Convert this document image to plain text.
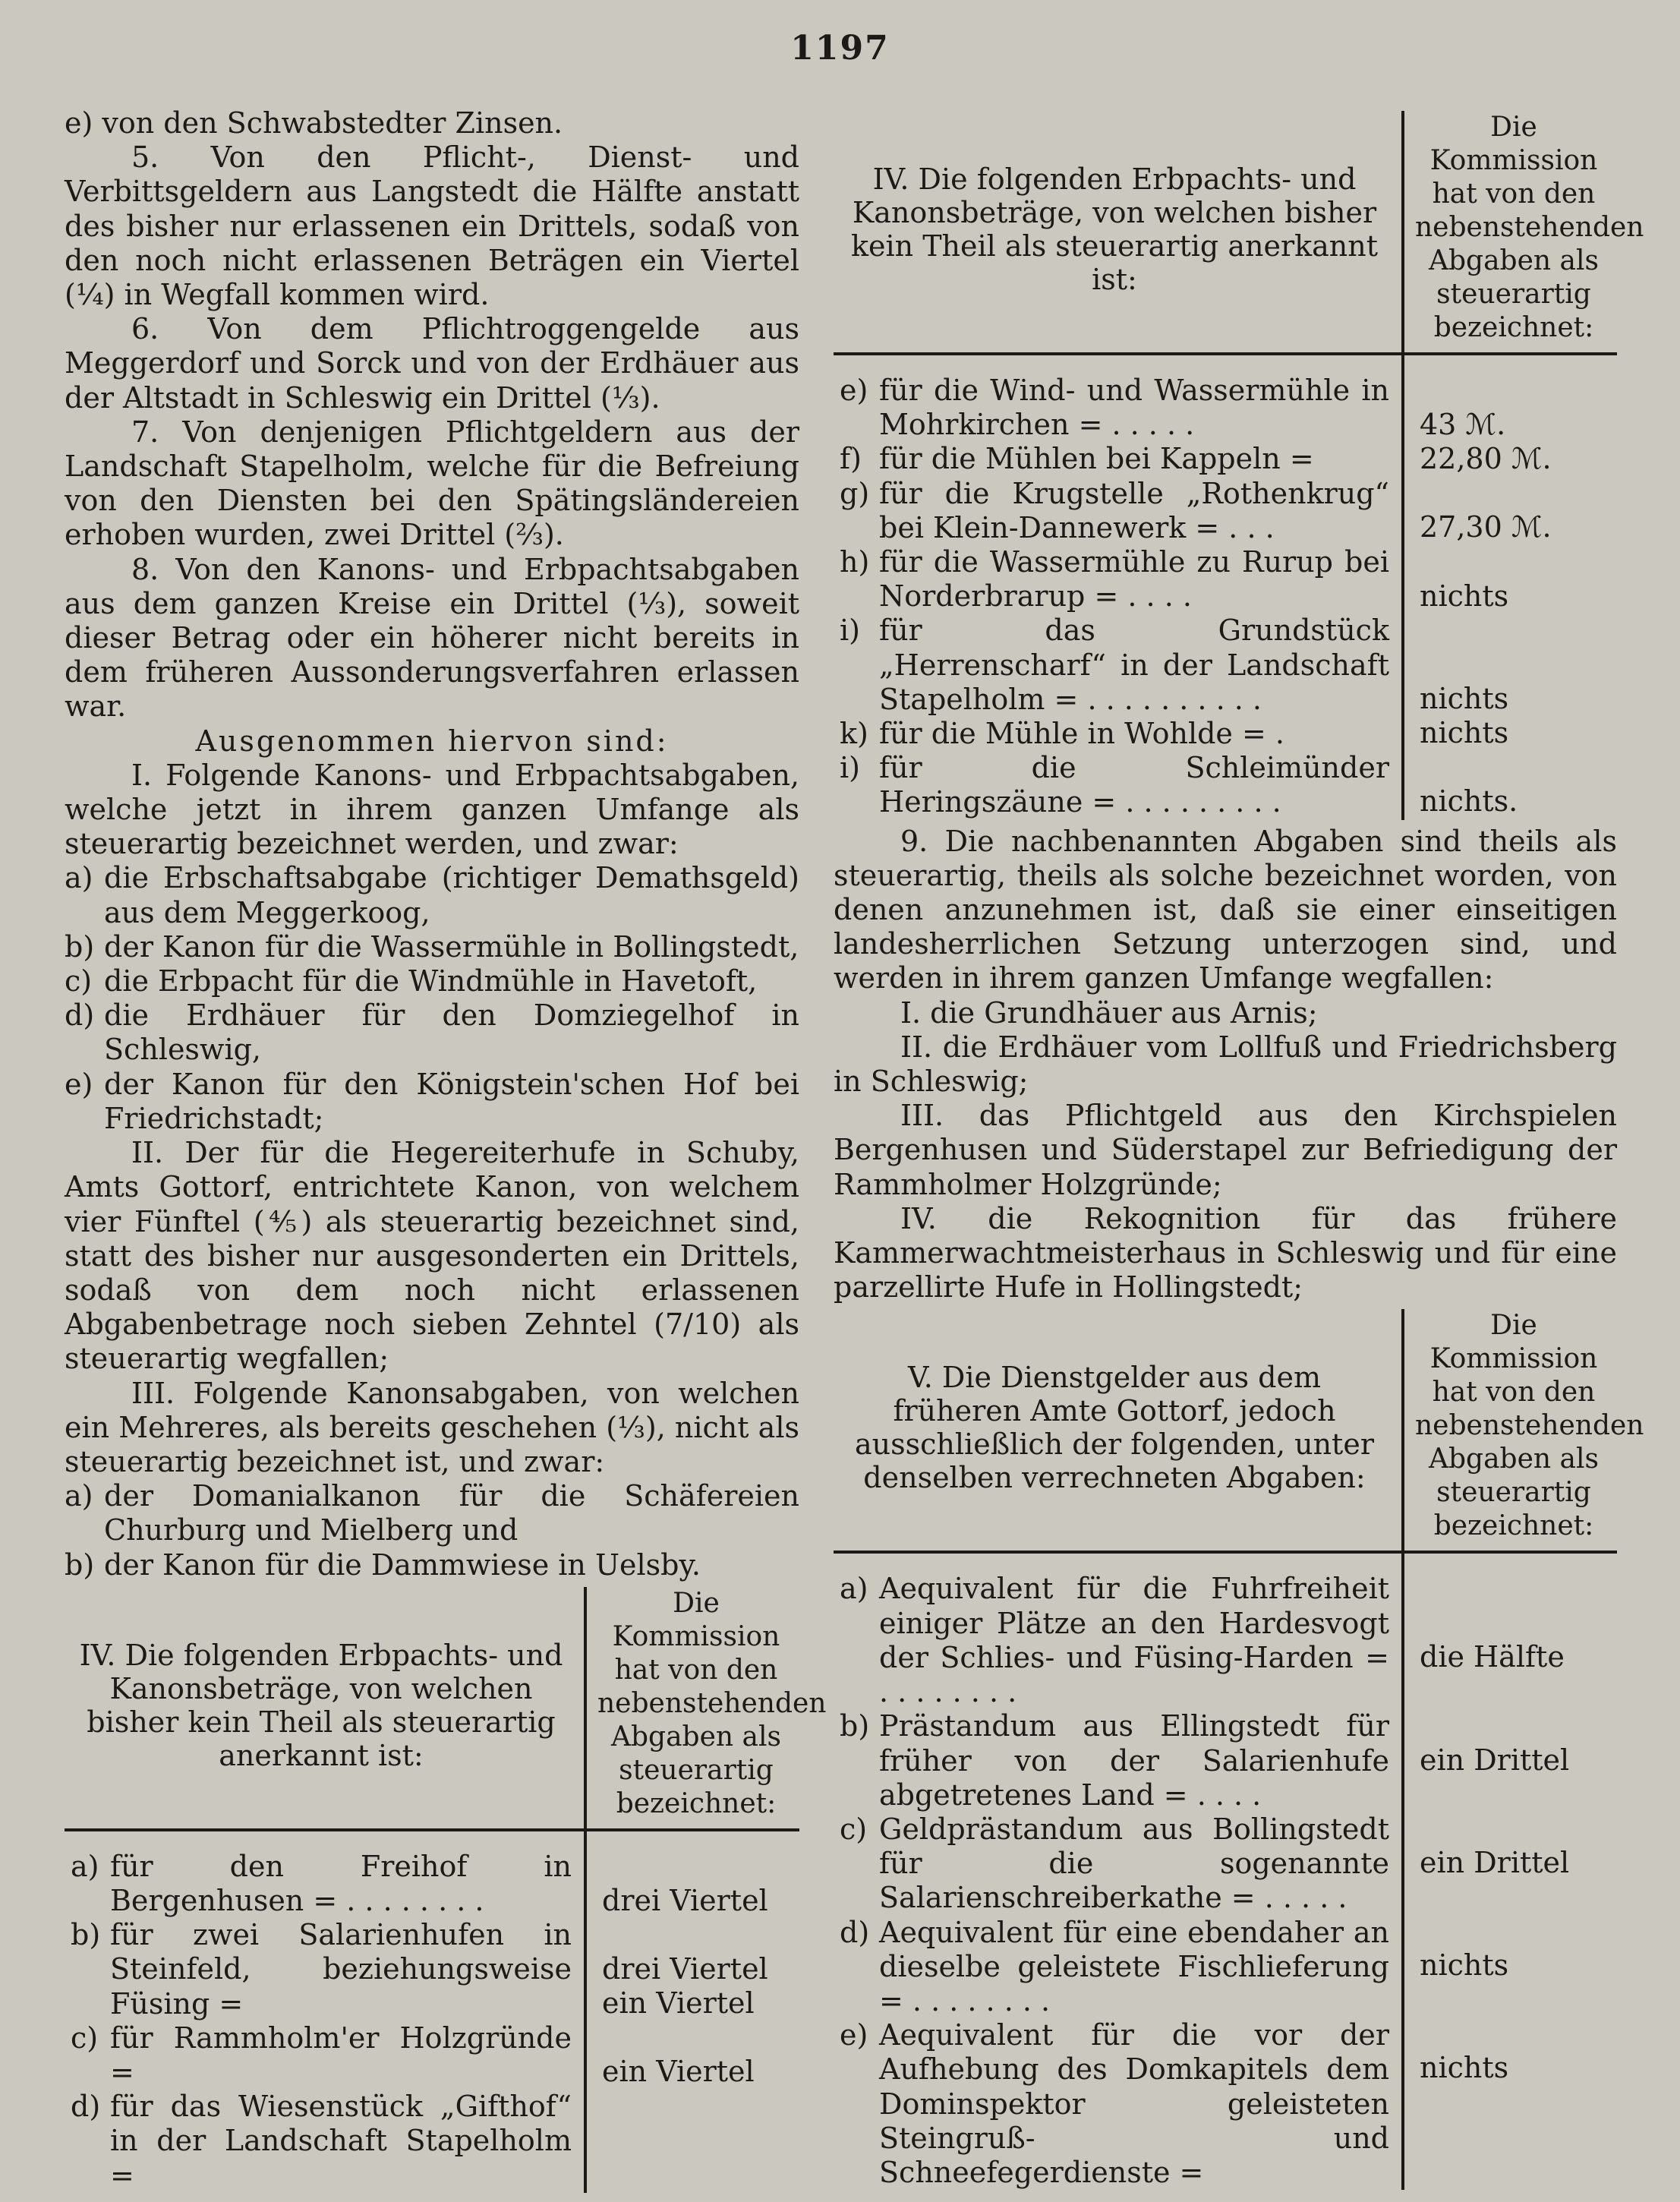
1197

e) von den Schwabstedter Zinsen.

5. Von den Pflicht-, Dienst- und Verbittsgeldern aus Langstedt die Hälfte anstatt des bisher nur erlassenen ein Drittels, sodaß von den noch nicht erlassenen Beträgen ein Viertel (¼) in Wegfall kommen wird.

6. Von dem Pflichtroggengelde aus Meggerdorf und Sorck und von der Erdhäuer aus der Altstadt in Schleswig ein Drittel (⅓).

7. Von denjenigen Pflichtgeldern aus der Landschaft Stapelholm, welche für die Befreiung von den Diensten bei den Spätingsländereien erhoben wurden, zwei Drittel (⅔).

8. Von den Kanons- und Erbpachtsabgaben aus dem ganzen Kreise ein Drittel (⅓), soweit dieser Betrag oder ein höherer nicht bereits in dem früheren Aussonderungsverfahren erlassen war.

Ausgenommen hiervon sind:

I. Folgende Kanons- und Erbpachtsabgaben, welche jetzt in ihrem ganzen Umfange als steuerartig bezeichnet werden, und zwar:

a) die Erbschaftsabgabe (richtiger Demathsgeld) aus dem Meggerkoog,
b) der Kanon für die Wassermühle in Bollingstedt,
c) die Erbpacht für die Windmühle in Havetoft,
d) die Erdhäuer für den Domziegelhof in Schleswig,
e) der Kanon für den Königstein'schen Hof bei Friedrichstadt;

II. Der für die Hegereiterhufe in Schuby, Amts Gottorf, entrichtete Kanon, von welchem vier Fünftel (⅘) als steuerartig bezeichnet sind, statt des bisher nur ausgesonderten ein Drittels, sodaß von dem noch nicht erlassenen Abgabenbetrage noch sieben Zehntel (7/10) als steuerartig wegfallen;

III. Folgende Kanonsabgaben, von welchen ein Mehreres, als bereits geschehen (⅓), nicht als steuerartig bezeichnet ist, und zwar:

a) der Domanialkanon für die Schäfereien Churburg und Mielberg und
b) der Kanon für die Dammwiese in Uelsby.
IV. Die folgenden Erbpachts- und Kanonsbeträge, von welchen bisher kein Theil als steuerartig anerkannt ist:
Die Kommission hat von den nebenstehenden Abgaben als steuerartig bezeichnet:
a) für den Freihof in Bergenhusen = . . . . . . . .
b) für zwei Salarienhufen in Steinfeld, beziehungsweise Füsing =
c) für Rammholm'er Holzgründe =
d) für das Wiesenstück „Gifthof“ in der Landschaft Stapelholm =

drei Viertel

drei Viertel

ein Viertel

ein Viertel

IV. Die folgenden Erbpachts- und Kanonsbeträge, von welchen bisher kein Theil als steuerartig anerkannt ist:
Die Kommission hat von den nebenstehenden Abgaben als steuerartig bezeichnet:
e) für die Wind- und Wassermühle in Mohrkirchen = . . . . .
f) für die Mühlen bei Kappeln =
g) für die Krugstelle „Rothenkrug“ bei Klein-Dannewerk = . . .
h) für die Wassermühle zu Rurup bei Norderbrarup = . . . .
i) für das Grundstück „Herrenscharf“ in der Landschaft Stapelholm = . . . . . . . . . .
k) für die Mühle in Wohlde = .
i) für die Schleimünder Heringszäune = . . . . . . . . .

43 ℳ.

22,80 ℳ.

27,30 ℳ.

nichts

nichts

nichts

nichts.

9. Die nachbenannten Abgaben sind theils als steuerartig, theils als solche bezeichnet worden, von denen anzunehmen ist, daß sie einer einseitigen landesherrlichen Setzung unterzogen sind, und werden in ihrem ganzen Umfange wegfallen:

I. die Grundhäuer aus Arnis;

II. die Erdhäuer vom Lollfuß und Friedrichsberg in Schleswig;

III. das Pflichtgeld aus den Kirchspielen Bergenhusen und Süderstapel zur Befriedigung der Rammholmer Holzgründe;

IV. die Rekognition für das frühere Kammerwachtmeisterhaus in Schleswig und für eine parzellirte Hufe in Hollingstedt;

V. Die Dienstgelder aus dem früheren Amte Gottorf, jedoch ausschließlich der folgenden, unter denselben verrechneten Abgaben:
Die Kommission hat von den nebenstehenden Abgaben als steuerartig bezeichnet:
a) Aequivalent für die Fuhrfreiheit einiger Plätze an den Hardesvogt der Schlies- und Füsing-Harden = . . . . . . . .
b) Prästandum aus Ellingstedt für früher von der Salarienhufe abgetretenes Land = . . . .
c) Geldprästandum aus Bollingstedt für die sogenannte Salarienschreiberkathe = . . . . .
d) Aequivalent für eine ebendaher an dieselbe geleistete Fischlieferung = . . . . . . . .
e) Aequivalent für die vor der Aufhebung des Domkapitels dem Dominspektor geleisteten Steingruß- und Schneefegerdienste =

die Hälfte

ein Drittel

ein Drittel

nichts

nichts
